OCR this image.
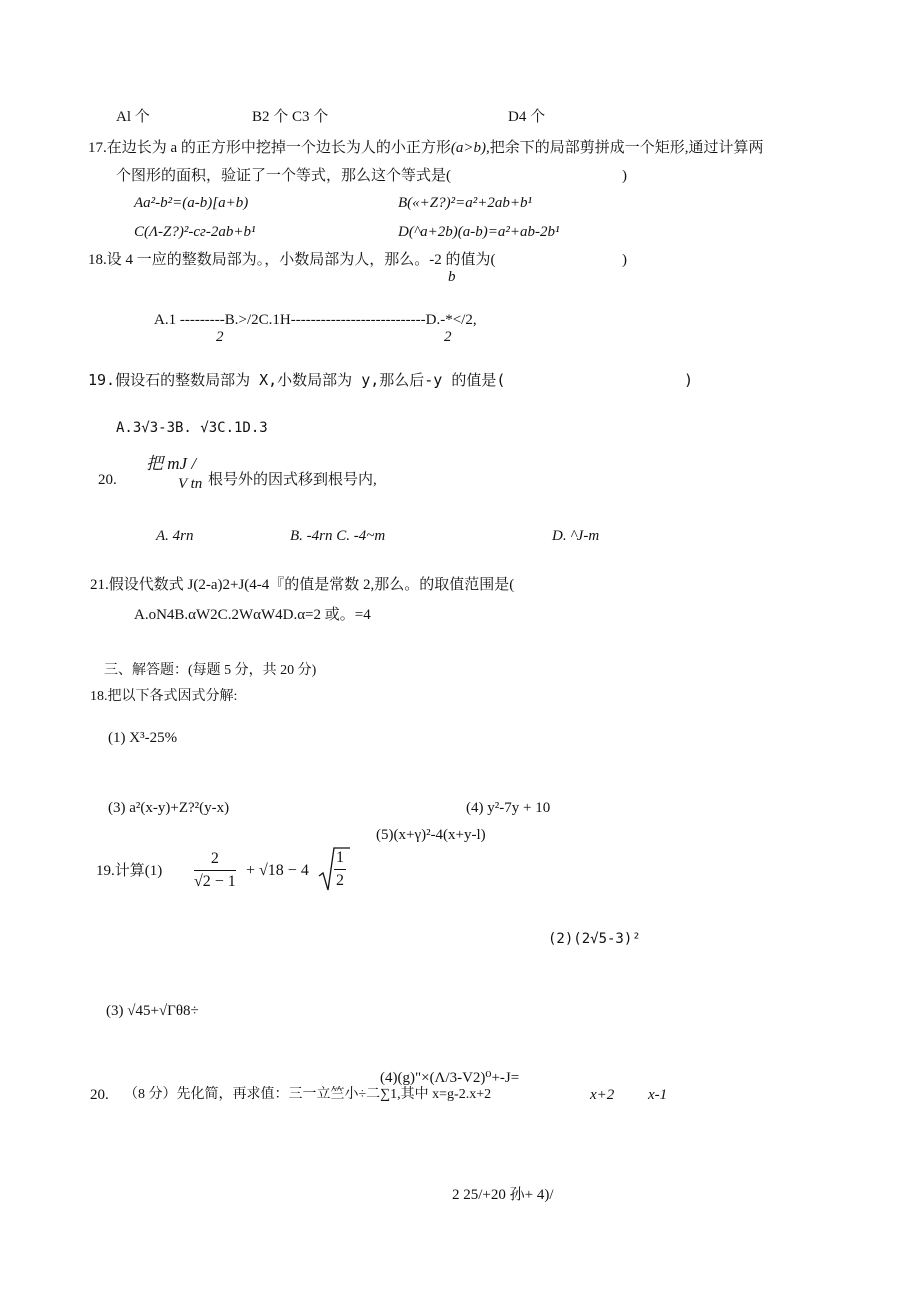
Al 个	B2 个 C3 个	D4 个
17.在边长为 a 的正方形中挖掉一个边长为人的小正方形(a>b),把余下的局部剪拼成一个矩形,通过计算两
个图形的面积，验证了一个等式，那么这个等式是(	)
Aa²-b²=(a-b)[a+b)	B(«+Z?)²=a²+2ab+b¹
C(Λ-Z?)²-cг-2ab+b¹	D(^a+2b)(a-b)=a²+ab-2b¹
18.设 4 一应的整数局部为。，小数局部为人，那么。-2 的值为(	)
b
A.1 ---------B.>/2C.1H---------------------------D.-*</2,
2	2
19.假设石的整数局部为 X,小数局部为 y,那么后-y 的值是(	)
A.3√3-3B. √3C.1D.3
20.
把 mJ /
V tn 根号外的因式移到根号内,
A. 4rn	B. -4rn C. -4~m	D. ^J-m
21.假设代数式 J(2-a)2+J(4-4『的值是常数 2,那么。的取值范围是(
A.oN4B.αW2C.2WαW4D.α=2 或。=4
三、解答题：(每题 5 分，共 20 分)
18.把以下各式因式分解:
(1) X³-25%
(3) a²(x-y)+Z?²(y-x)	(4) y²-7y + 10
(5)(x+γ)²-4(x+y-l)
19.计算(1)
2
√2 − 1
+ √18 − 4
1
2
(2)(2√5-3)²
(3) √45+√Γθ8÷
(4)(g)"×(Λ/3-V2)⁰+-J=
20. （8 分）先化简，再求值：三一立竺小÷二∑1,其中 x=g-2.x+2	x+2 x-1
2 25/+20 孙+ 4)/
